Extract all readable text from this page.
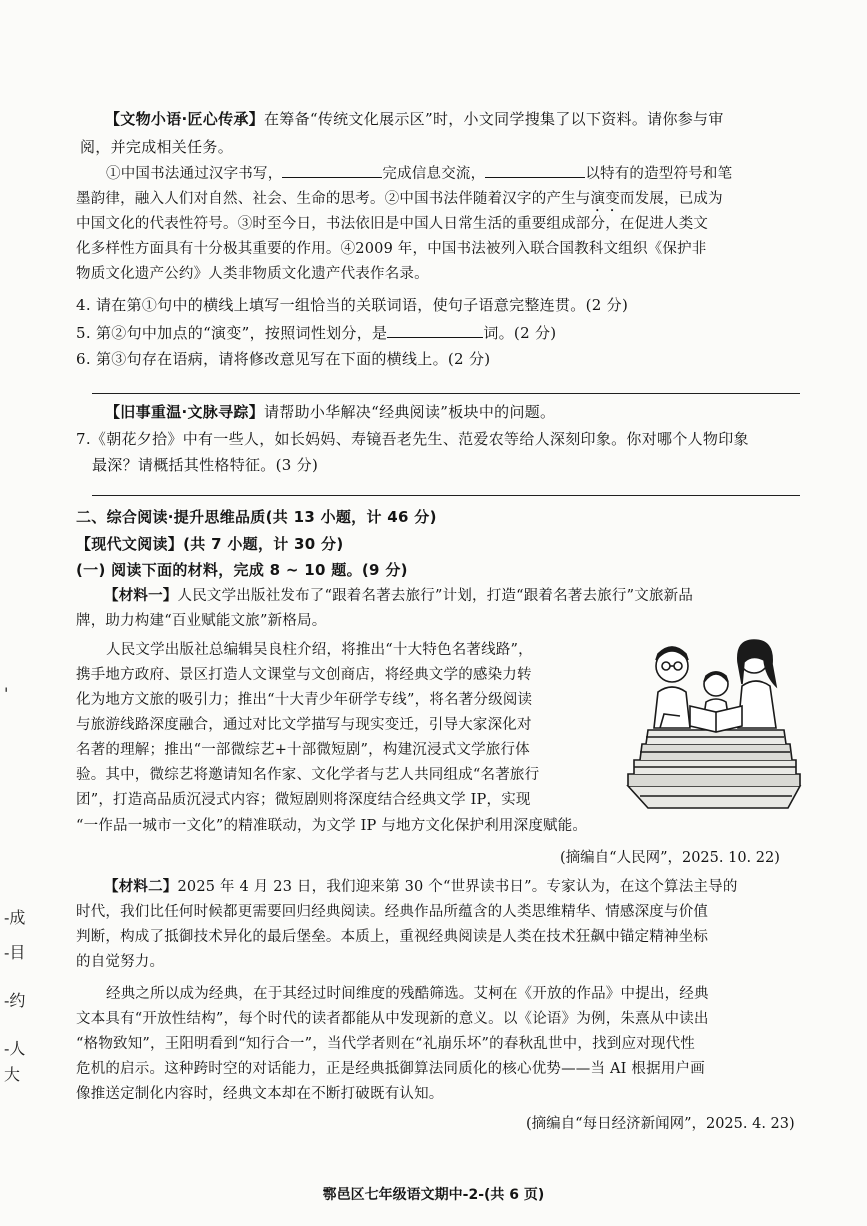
【文物小语·匠心传承】在筹备“传统文化展示区”时，小文同学搜集了以下资料。请你参与审
阅，并完成相关任务。
①中国书法通过汉字书写，	完成信息交流，	以特有的造型符号和笔
墨韵律，融入人们对自然、社会、生命的思考。②中国书法伴随着汉字的产生与演变而发展，已成为
中国文化的代表性符号。③时至今日，书法依旧是中国人日常生活的重要组成部分，在促进人类文
化多样性方面具有十分极其重要的作用。④2009 年，中国书法被列入联合国教科文组织《保护非
物质文化遗产公约》人类非物质文化遗产代表作名录。
4. 请在第①句中的横线上填写一组恰当的关联词语，使句子语意完整连贯。(2 分)
5. 第②句中加点的“演变”，按照词性划分，是	词。(2 分)
6. 第③句存在语病，请将修改意见写在下面的横线上。(2 分)
【旧事重温·文脉寻踪】请帮助小华解决“经典阅读”板块中的问题。
7.《朝花夕拾》中有一些人，如长妈妈、寿镜吾老先生、范爱农等给人深刻印象。你对哪个人物印象
最深？请概括其性格特征。(3 分)
二、综合阅读·提升思维品质(共 13 小题，计 46 分)
【现代文阅读】(共 7 小题，计 30 分)
(一) 阅读下面的材料，完成 8 ~ 10 题。(9 分)
【材料一】人民文学出版社发布了“跟着名著去旅行”计划，打造“跟着名著去旅行”文旅新品
牌，助力构建“百业赋能文旅”新格局。
人民文学出版社总编辑吴良柱介绍，将推出“十大特色名著线路”，
携手地方政府、景区打造人文课堂与文创商店，将经典文学的感染力转
化为地方文旅的吸引力；推出“十大青少年研学专线”，将名著分级阅读
与旅游线路深度融合，通过对比文学描写与现实变迁，引导大家深化对
名著的理解；推出“一部微综艺+十部微短剧”，构建沉浸式文学旅行体
验。其中，微综艺将邀请知名作家、文化学者与艺人共同组成“名著旅行
团”，打造高品质沉浸式内容；微短剧则将深度结合经典文学 IP，实现
“一作品一城市一文化”的精准联动，为文学 IP 与地方文化保护利用深度赋能。
(摘编自“人民网”，2025. 10. 22)
【材料二】2025 年 4 月 23 日，我们迎来第 30 个“世界读书日”。专家认为，在这个算法主导的
时代，我们比任何时候都更需要回归经典阅读。经典作品所蕴含的人类思维精华、情感深度与价值
判断，构成了抵御技术异化的最后堡垒。本质上，重视经典阅读是人类在技术狂飙中锚定精神坐标
的自觉努力。
经典之所以成为经典，在于其经过时间维度的残酷筛选。艾柯在《开放的作品》中提出，经典
文本具有“开放性结构”，每个时代的读者都能从中发现新的意义。以《论语》为例，朱熹从中读出
“格物致知”，王阳明看到“知行合一”，当代学者则在“礼崩乐坏”的春秋乱世中，找到应对现代性
危机的启示。这种跨时空的对话能力，正是经典抵御算法同质化的核心优势——当 AI 根据用户画
像推送定制化内容时，经典文本却在不断打破既有认知。
(摘编自“每日经济新闻网”，2025. 4. 23)
'
-成
-目
-约
-人
大
鄠邑区七年级语文期中-2-(共 6 页)
